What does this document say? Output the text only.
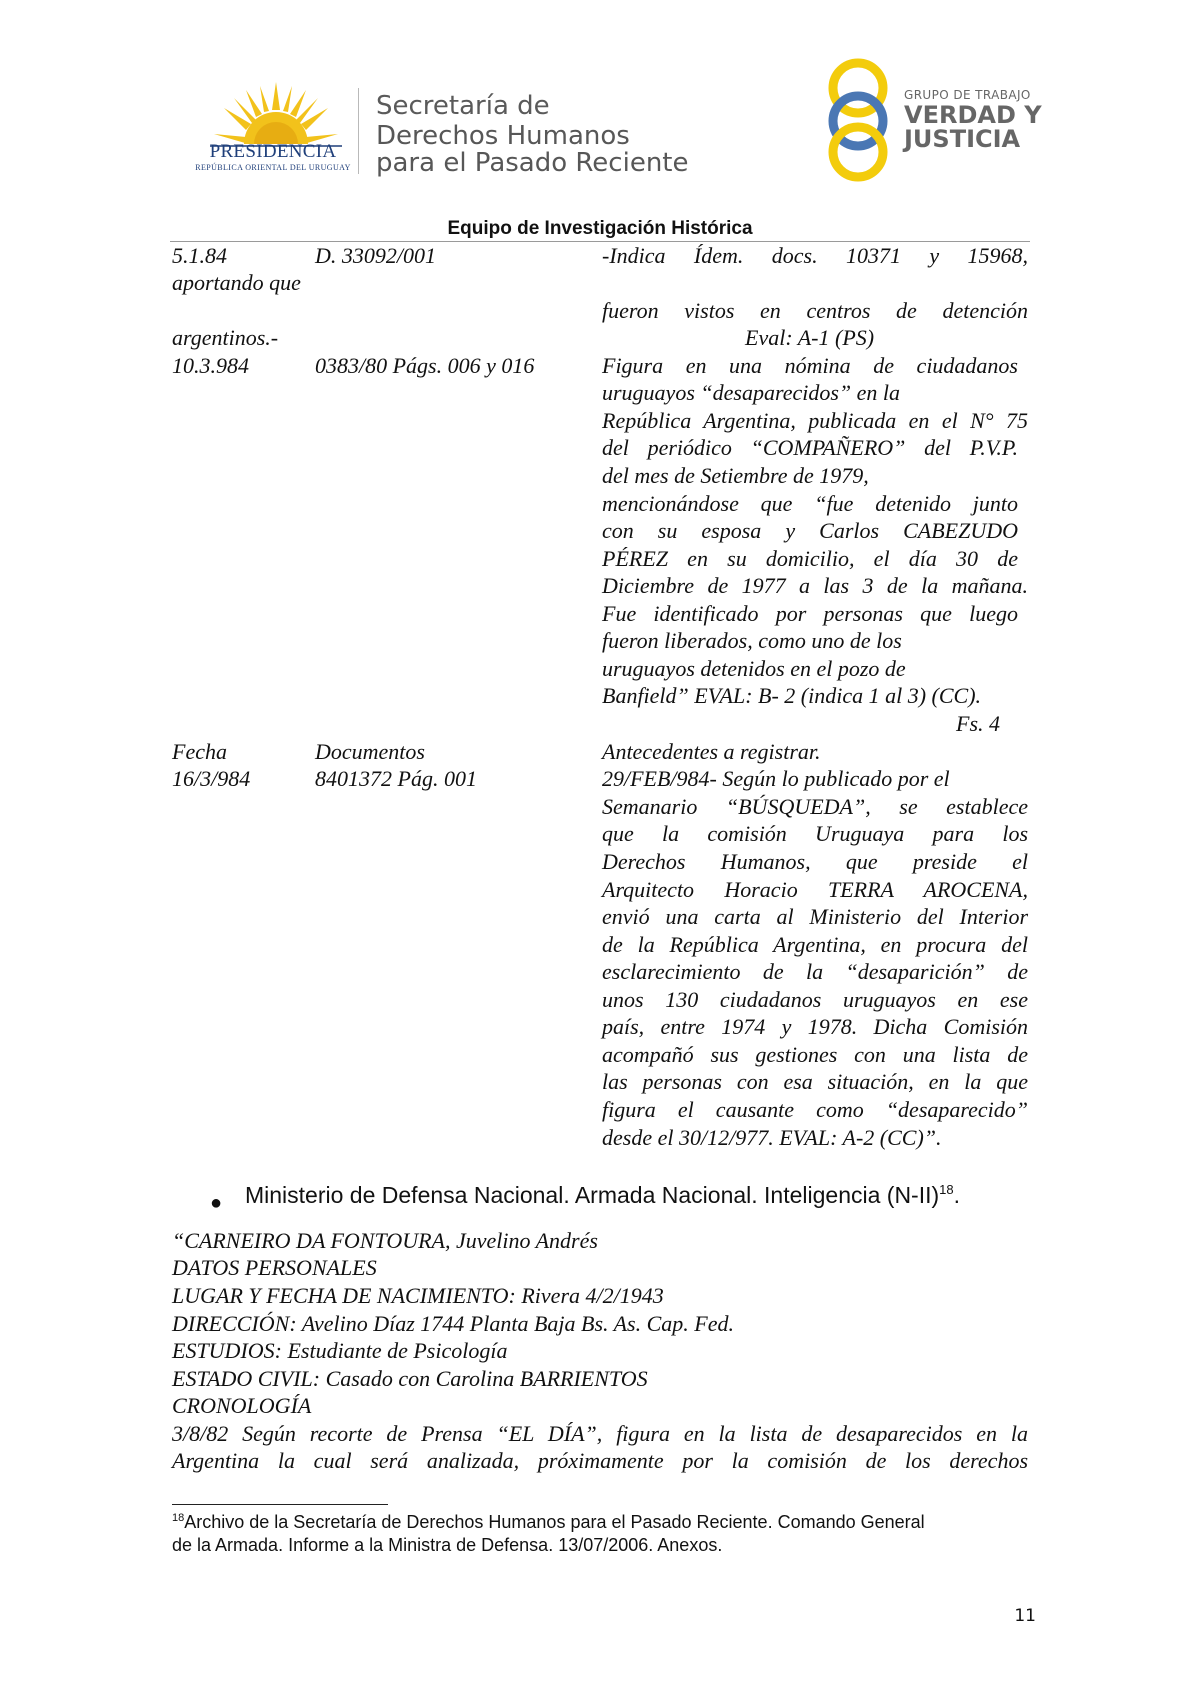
PRESIDENCIA
REPÚBLICA ORIENTAL DEL URUGUAY
Secretaría de
Derechos Humanos
para el Pasado Reciente
GRUPO DE TRABAJO
VERDAD Y
JUSTICIA
Equipo de Investigación Histórica
5.1.84	D. 33092/001	-Indica Ídem. docs. 10371 y 15968,
aportando que
fueron vistos en centros de detención
argentinos.-	Eval: A-1 (PS)
10.3.984	0383/80 Págs. 006 y 016	Figura en una nómina de ciudadanos
uruguayos “desaparecidos” en la
República Argentina, publicada en el N° 75
del periódico “COMPAÑERO” del P.V.P.
del mes de Setiembre de 1979,
mencionándose que “fue detenido junto
con su esposa y Carlos CABEZUDO
PÉREZ en su domicilio, el día 30 de
Diciembre de 1977 a las 3 de la mañana.
Fue identificado por personas que luego
fueron liberados, como uno de los
uruguayos detenidos en el pozo de
Banfield” EVAL: B- 2 (indica 1 al 3) (CC).
Fs. 4
Fecha	Documentos	Antecedentes a registrar.
16/3/984	8401372 Pág. 001	29/FEB/984- Según lo publicado por el
Semanario “BÚSQUEDA”, se establece
que la comisión Uruguaya para los
Derechos Humanos, que preside el
Arquitecto Horacio TERRA AROCENA,
envió una carta al Ministerio del Interior
de la República Argentina, en procura del
esclarecimiento de la “desaparición” de
unos 130 ciudadanos uruguayos en ese
país, entre 1974 y 1978. Dicha Comisión
acompañó sus gestiones con una lista de
las personas con esa situación, en la que
figura el causante como “desaparecido”
desde el 30/12/977. EVAL: A-2 (CC)”.
● Ministerio de Defensa Nacional. Armada Nacional. Inteligencia $(N-II)^{18}$.
“CARNEIRO DA FONTOURA, Juvelino Andrés
DATOS PERSONALES
LUGAR Y FECHA DE NACIMIENTO: Rivera 4/2/1943
DIRECCIÓN: Avelino Díaz 1744 Planta Baja Bs. As. Cap. Fed.
ESTUDIOS: Estudiante de Psicología
ESTADO CIVIL: Casado con Carolina BARRIENTOS
CRONOLOGÍA
3/8/82 Según recorte de Prensa “EL DÍA”, figura en la lista de desaparecidos en la
Argentina la cual será analizada, próximamente por la comisión de los derechos
$^{18}$Archivo de la Secretaría de Derechos Humanos para el Pasado Reciente. Comando General
de la Armada. Informe a la Ministra de Defensa. 13/07/2006. Anexos.
11
